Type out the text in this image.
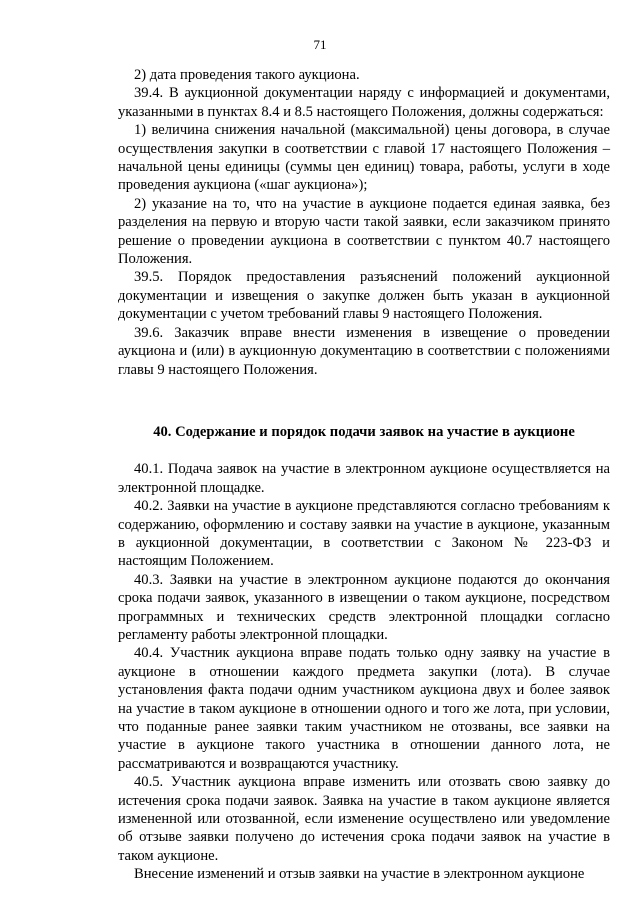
71

2) дата проведения такого аукциона.

39.4. В аукционной документации наряду с информацией и документами, указанными в пунктах 8.4 и 8.5 настоящего Положения, должны содержаться:

1) величина снижения начальной (максимальной) цены договора, в случае осуществления закупки в соответствии с главой 17 настоящего Положения – начальной цены единицы (суммы цен единиц) товара, работы, услуги в ходе проведения аукциона («шаг аукциона»);

2) указание на то, что на участие в аукционе подается единая заявка, без разделения на первую и вторую части такой заявки, если заказчиком принято решение о проведении аукциона в соответствии с пунктом 40.7 настоящего Положения.

39.5. Порядок предоставления разъяснений положений аукционной документации и извещения о закупке должен быть указан в аукционной документации с учетом требований главы 9 настоящего Положения.

39.6. Заказчик вправе внести изменения в извещение о проведении аукциона и (или) в аукционную документацию в соответствии с положениями главы 9 настоящего Положения.

40. Содержание и порядок подачи заявок на участие в аукционе

40.1. Подача заявок на участие в электронном аукционе осуществляется на электронной площадке.

40.2. Заявки на участие в аукционе представляются согласно требованиям к содержанию, оформлению и составу заявки на участие в аукционе, указанным в аукционной документации, в соответствии с Законом № 223-ФЗ и настоящим Положением.

40.3. Заявки на участие в электронном аукционе подаются до окончания срока подачи заявок, указанного в извещении о таком аукционе, посредством программных и технических средств электронной площадки согласно регламенту работы электронной площадки.

40.4. Участник аукциона вправе подать только одну заявку на участие в аукционе в отношении каждого предмета закупки (лота). В случае установления факта подачи одним участником аукциона двух и более заявок на участие в таком аукционе в отношении одного и того же лота, при условии, что поданные ранее заявки таким участником не отозваны, все заявки на участие в аукционе такого участника в отношении данного лота, не рассматриваются и возвращаются участнику.

40.5. Участник аукциона вправе изменить или отозвать свою заявку до истечения срока подачи заявок. Заявка на участие в таком аукционе является измененной или отозванной, если изменение осуществлено или уведомление об отзыве заявки получено до истечения срока подачи заявок на участие в таком аукционе.

Внесение изменений и отзыв заявки на участие в электронном аукционе
